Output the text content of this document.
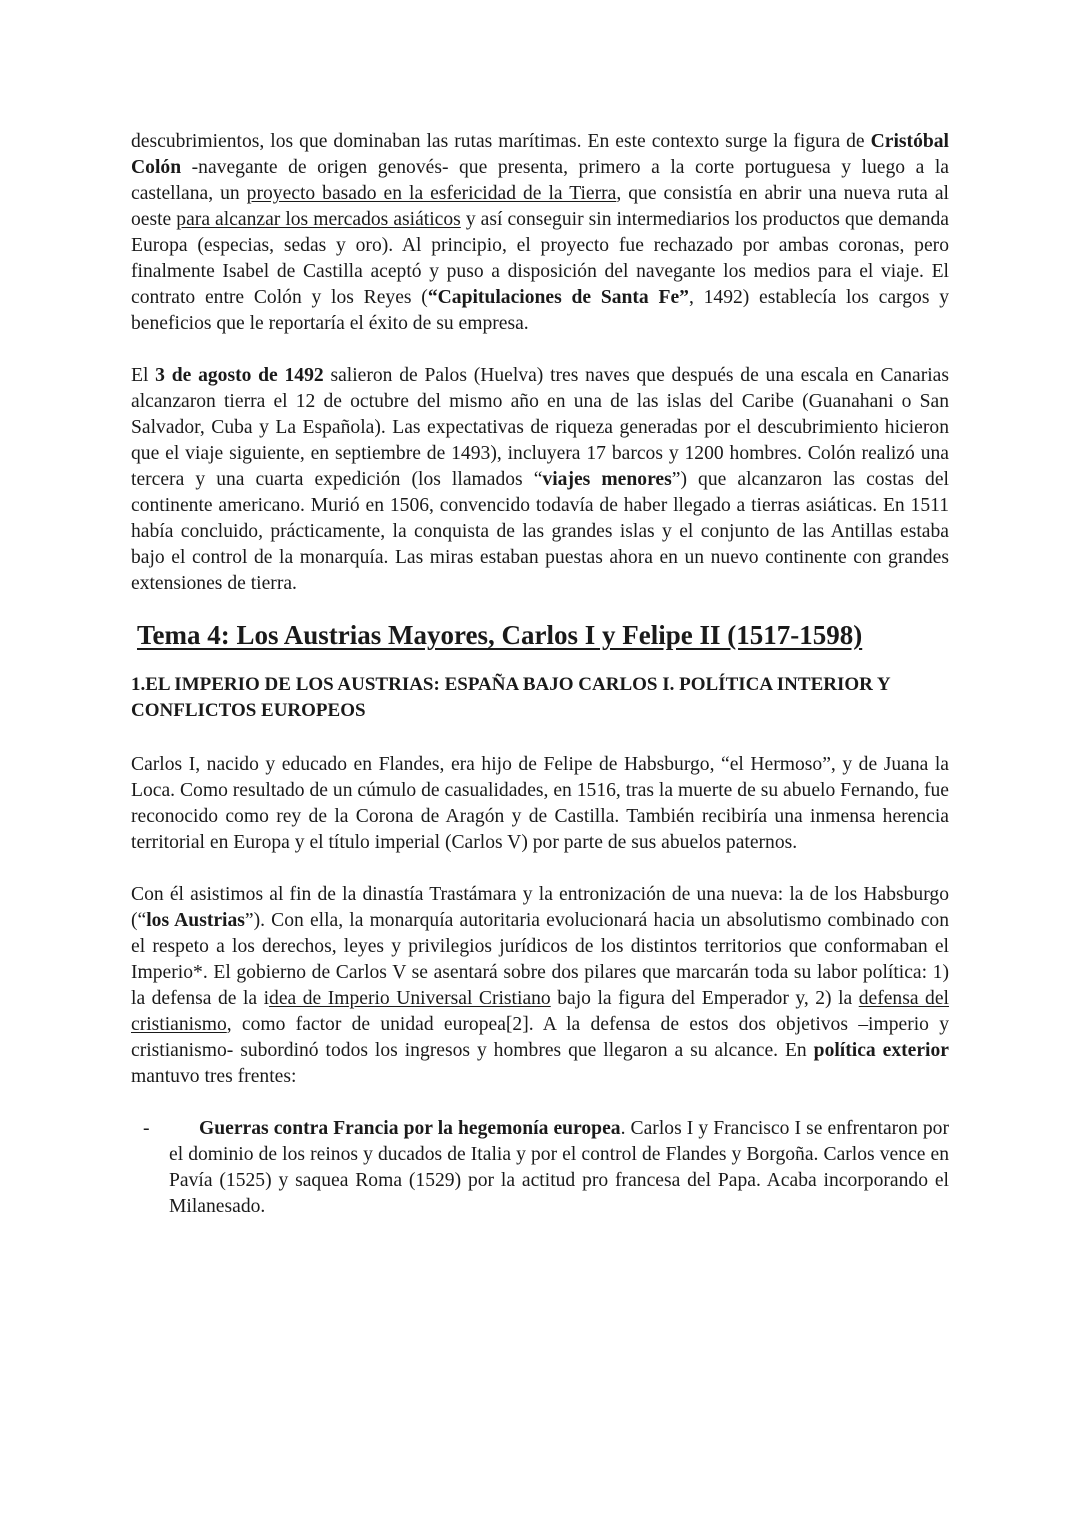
descubrimientos, los que dominaban las rutas marítimas. En este contexto surge la figura de Cristóbal Colón -navegante de origen genovés- que presenta, primero a la corte portuguesa y luego a la castellana, un proyecto basado en la esfericidad de la Tierra, que consistía en abrir una nueva ruta al oeste para alcanzar los mercados asiáticos y así conseguir sin intermediarios los productos que demanda Europa (especias, sedas y oro). Al principio, el proyecto fue rechazado por ambas coronas, pero finalmente Isabel de Castilla aceptó y puso a disposición del navegante los medios para el viaje. El contrato entre Colón y los Reyes (“Capitulaciones de Santa Fe”, 1492) establecía los cargos y beneficios que le reportaría el éxito de su empresa.

El 3 de agosto de 1492 salieron de Palos (Huelva) tres naves que después de una escala en Canarias alcanzaron tierra el 12 de octubre del mismo año en una de las islas del Caribe (Guanahani o San Salvador, Cuba y La Española). Las expectativas de riqueza generadas por el descubrimiento hicieron que el viaje siguiente, en septiembre de 1493), incluyera 17 barcos y 1200 hombres. Colón realizó una tercera y una cuarta expedición (los llamados “viajes menores”) que alcanzaron las costas del continente americano. Murió en 1506, convencido todavía de haber llegado a tierras asiáticas. En 1511 había concluido, prácticamente, la conquista de las grandes islas y el conjunto de las Antillas estaba bajo el control de la monarquía. Las miras estaban puestas ahora en un nuevo continente con grandes extensiones de tierra.

Tema 4: Los Austrias Mayores, Carlos I y Felipe II (1517-1598)
1.EL IMPERIO DE LOS AUSTRIAS: ESPAÑA BAJO CARLOS I. POLÍTICA INTERIOR Y CONFLICTOS EUROPEOS

Carlos I, nacido y educado en Flandes, era hijo de Felipe de Habsburgo, “el Hermoso”, y de Juana la Loca. Como resultado de un cúmulo de casualidades, en 1516, tras la muerte de su abuelo Fernando, fue reconocido como rey de la Corona de Aragón y de Castilla. También recibiría una inmensa herencia territorial en Europa y el título imperial (Carlos V) por parte de sus abuelos paternos.

Con él asistimos al fin de la dinastía Trastámara y la entronización de una nueva: la de los Habsburgo (“los Austrias”). Con ella, la monarquía autoritaria evolucionará hacia un absolutismo combinado con el respeto a los derechos, leyes y privilegios jurídicos de los distintos territorios que conformaban el Imperio*. El gobierno de Carlos V se asentará sobre dos pilares que marcarán toda su labor política: 1) la defensa de la idea de Imperio Universal Cristiano bajo la figura del Emperador y, 2) la defensa del cristianismo, como factor de unidad europea[2]. A la defensa de estos dos objetivos –imperio y cristianismo- subordinó todos los ingresos y hombres que llegaron a su alcance. En política exterior mantuvo tres frentes:

-	Guerras contra Francia por la hegemonía europea. Carlos I y Francisco I se enfrentaron por el dominio de los reinos y ducados de Italia y por el control de Flandes y Borgoña. Carlos vence en Pavía (1525) y saquea Roma (1529) por la actitud pro francesa del Papa. Acaba incorporando el Milanesado.
